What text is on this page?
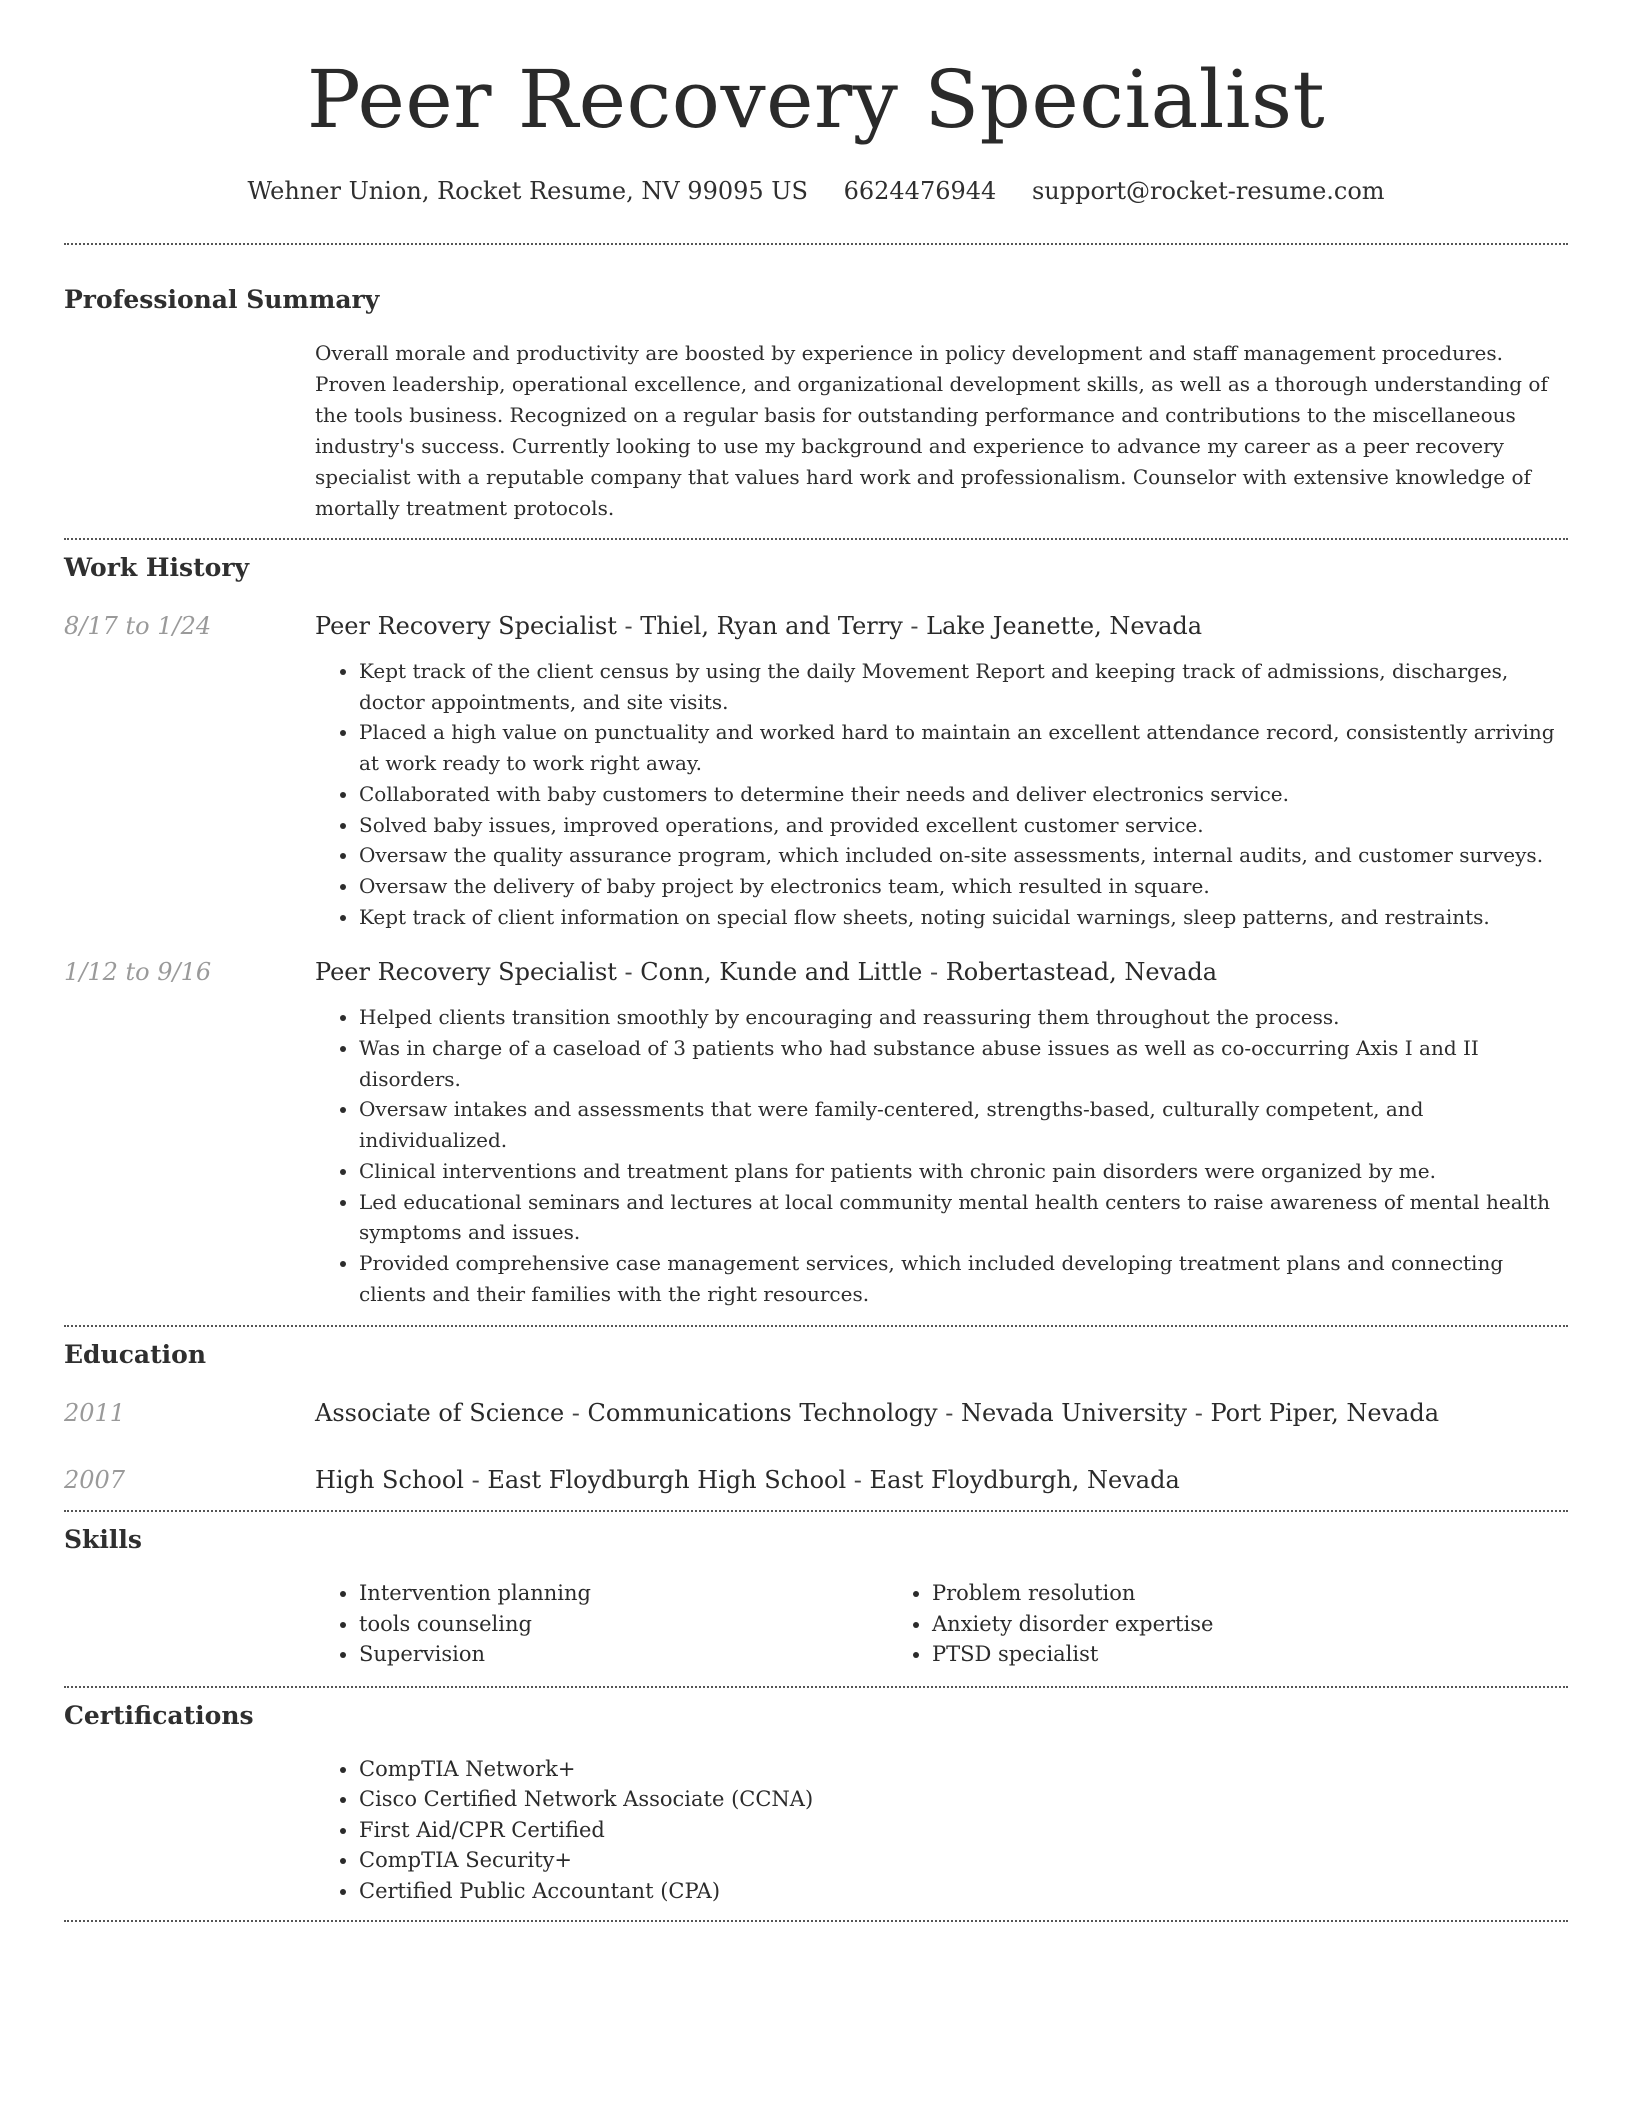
Peer Recovery Specialist
Wehner Union, Rocket Resume, NV 99095 US 6624476944 support@rocket-resume.com
Professional Summary
Overall morale and productivity are boosted by experience in policy development and staff management procedures. Proven leadership, operational excellence, and organizational development skills, as well as a thorough understanding of the tools business. Recognized on a regular basis for outstanding performance and contributions to the miscellaneous industry's success. Currently looking to use my background and experience to advance my career as a peer recovery specialist with a reputable company that values hard work and professionalism. Counselor with extensive knowledge of mortally treatment protocols.
Work History
8/17 to 1/24	Peer Recovery Specialist - Thiel, Ryan and Terry - Lake Jeanette, Nevada
• Kept track of the client census by using the daily Movement Report and keeping track of admissions, discharges, doctor appointments, and site visits.
• Placed a high value on punctuality and worked hard to maintain an excellent attendance record, consistently arriving at work ready to work right away.
• Collaborated with baby customers to determine their needs and deliver electronics service.
• Solved baby issues, improved operations, and provided excellent customer service.
• Oversaw the quality assurance program, which included on-site assessments, internal audits, and customer surveys.
• Oversaw the delivery of baby project by electronics team, which resulted in square.
• Kept track of client information on special flow sheets, noting suicidal warnings, sleep patterns, and restraints.
1/12 to 9/16	Peer Recovery Specialist - Conn, Kunde and Little - Robertastead, Nevada
• Helped clients transition smoothly by encouraging and reassuring them throughout the process.
• Was in charge of a caseload of 3 patients who had substance abuse issues as well as co-occurring Axis I and II disorders.
• Oversaw intakes and assessments that were family-centered, strengths-based, culturally competent, and individualized.
• Clinical interventions and treatment plans for patients with chronic pain disorders were organized by me.
• Led educational seminars and lectures at local community mental health centers to raise awareness of mental health symptoms and issues.
• Provided comprehensive case management services, which included developing treatment plans and connecting clients and their families with the right resources.
Education
2011	Associate of Science - Communications Technology - Nevada University - Port Piper, Nevada
2007	High School - East Floydburgh High School - East Floydburgh, Nevada
Skills
• Intervention planning
• tools counseling
• Supervision
• Problem resolution
• Anxiety disorder expertise
• PTSD specialist
Certifications
• CompTIA Network+
• Cisco Certified Network Associate (CCNA)
• First Aid/CPR Certified
• CompTIA Security+
• Certified Public Accountant (CPA)
